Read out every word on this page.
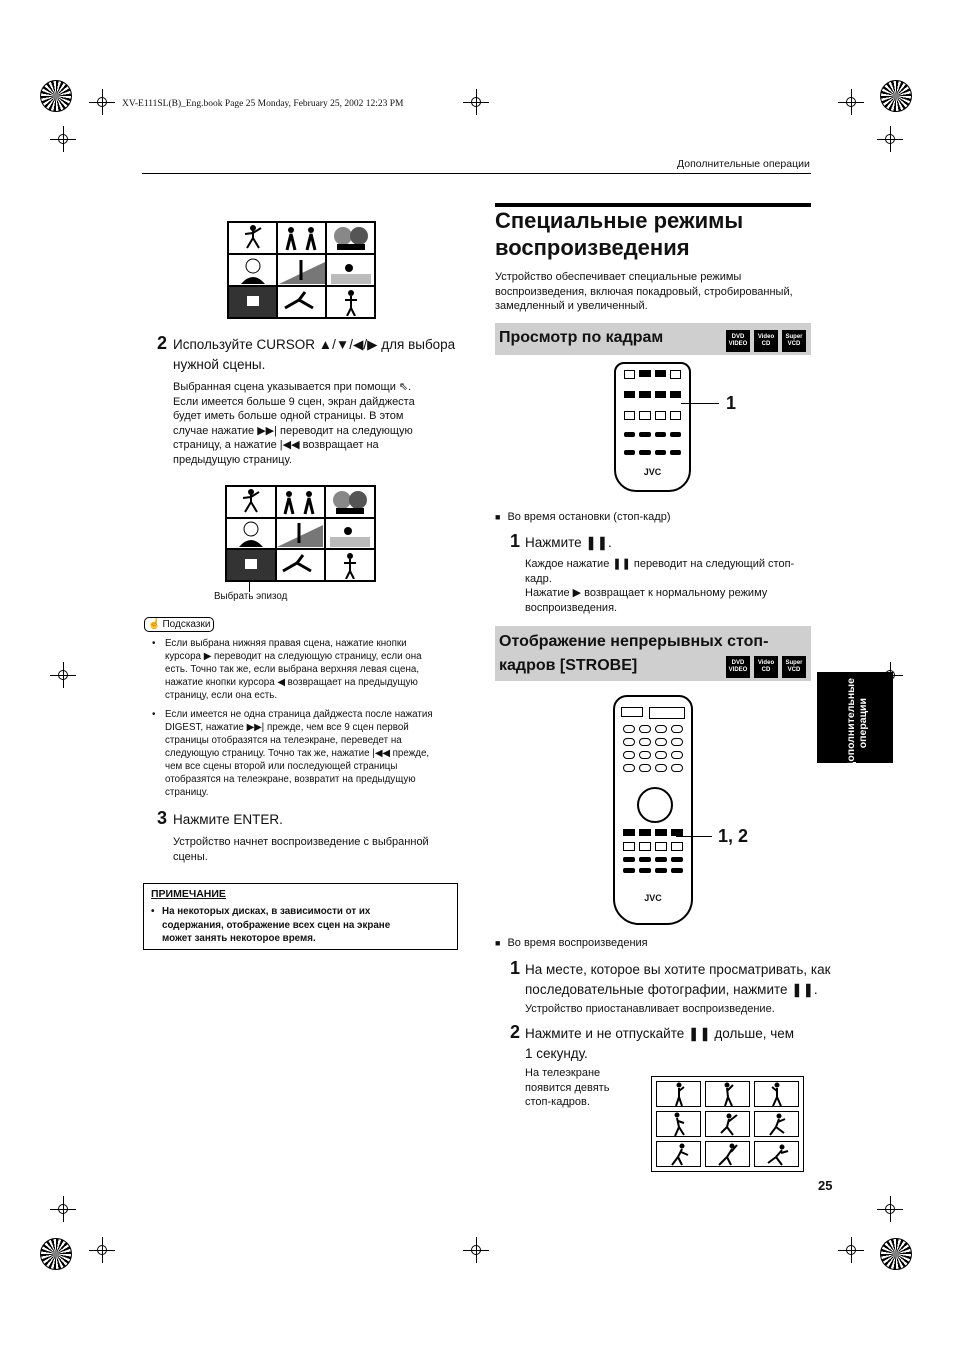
XV-E111SL(B)_Eng.book Page 25 Monday, February 25, 2002 12:23 PM
Дополнительные операции
2 Используйте CURSOR ▲/▼/◀/▶ для выбора
нужной сцены.
Выбранная сцена указывается при помощи ⇖.
Если имеется больше 9 сцен, экран дайджеста
будет иметь больше одной страницы. В этом
случае нажатие ▶▶| переводит на следующую
страницу, а нажатие |◀◀ возвращает на
предыдущую страницу.
Выбрать эпизод
☝ Подсказки
• Если выбрана нижняя правая сцена, нажатие кнопки
курсора ▶ переводит на следующую страницу, если она
есть. Точно так же, если выбрана верхняя левая сцена,
нажатие кнопки курсора ◀ возвращает на предыдущую
страницу, если она есть.
• Если имеется не одна страница дайджеста после нажатия
DIGEST, нажатие ▶▶| прежде, чем все 9 сцен первой
страницы отобразятся на телеэкране, переведет на
следующую страницу. Точно так же, нажатие |◀◀ прежде,
чем все сцены второй или последующей страницы
отобразятся на телеэкране, возвратит на предыдущую
страницу.
3 Нажмите ENTER.
Устройство начнет воспроизведение с выбранной
сцены.
ПРИМЕЧАНИЕ
• На некоторых дисках, в зависимости от их
содержания, отображение всех сцен на экране
может занять некоторое время.
Специальные режимы
воспроизведения
Устройство обеспечивает специальные режимы
воспроизведения, включая покадровый, стробированный,
замедленный и увеличенный.
Просмотр по кадрам	DVD
VIDEO
Video
CD
Super
VCD
JVC
1
■ Во время остановки (стоп-кадр)
1 Нажмите ❚❚.
Каждое нажатие ❚❚ переводит на следующий стоп-
кадр.
Нажатие ▶ возвращает к нормальному режиму
воспроизведения.
Отображение непрерывных стоп-
кадров [STROBE]	DVD
VIDEO
Video
CD
Super
VCD
JVC
1, 2
■ Во время воспроизведения
1 На месте, которое вы хотите просматривать, как
последовательные фотографии, нажмите ❚❚.
Устройство приостанавливает воспроизведение.
2 Нажмите и не отпускайте ❚❚ дольше, чем
1 секунду.
На телеэкране
появится девять
стоп-кадров.
Дополнительные операции
25
